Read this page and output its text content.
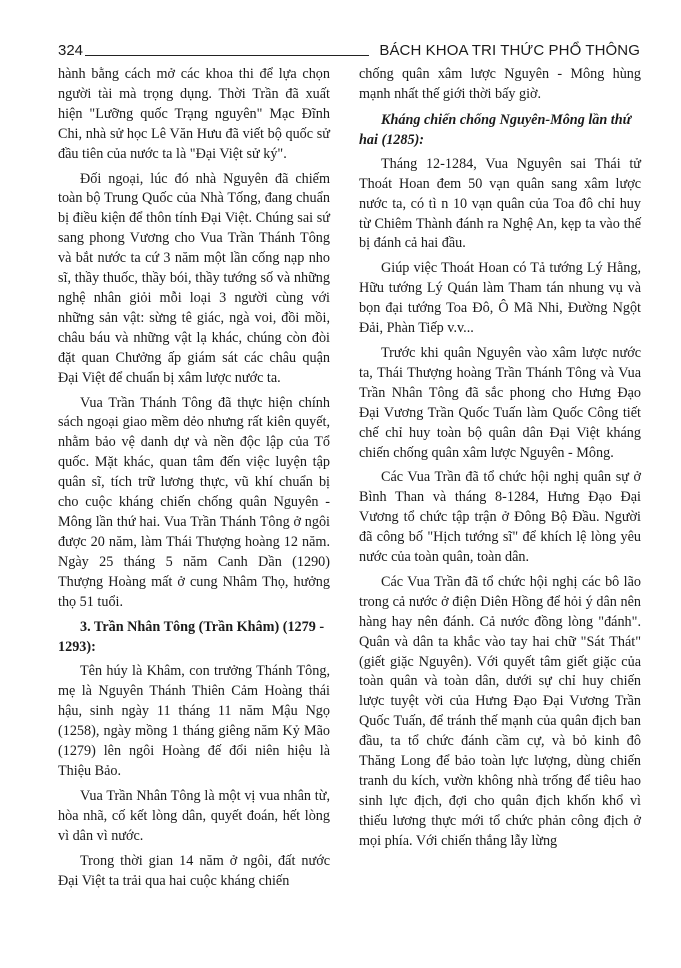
324	BÁCH KHOA TRI THỨC PHỔ THÔNG

hành bằng cách mở các khoa thi để lựa chọn người tài mà trọng dụng. Thời Trần đã xuất hiện "Lưỡng quốc Trạng nguyên" Mạc Đĩnh Chi, nhà sử học Lê Văn Hưu đã viết bộ quốc sử đầu tiên của nước ta là "Đại Việt sử ký".

Đối ngoại, lúc đó nhà Nguyên đã chiếm toàn bộ Trung Quốc của Nhà Tống, đang chuẩn bị điều kiện để thôn tính Đại Việt. Chúng sai sứ sang phong Vương cho Vua Trần Thánh Tông và bắt nước ta cứ 3 năm một lần cống nạp nho sĩ, thầy thuốc, thầy bói, thầy tướng số và những nghệ nhân giỏi mỗi loại 3 người cùng với những sản vật: sừng tê giác, ngà voi, đồi mồi, châu báu và những vật lạ khác, chúng còn đòi đặt quan Chưởng ấp giám sát các châu quận Đại Việt để chuẩn bị xâm lược nước ta.

Vua Trần Thánh Tông đã thực hiện chính sách ngoại giao mềm dẻo nhưng rất kiên quyết, nhằm bảo vệ danh dự và nền độc lập của Tổ quốc. Mặt khác, quan tâm đến việc luyện tập quân sĩ, tích trữ lương thực, vũ khí chuẩn bị cho cuộc kháng chiến chống quân Nguyên - Mông lần thứ hai. Vua Trần Thánh Tông ở ngôi được 20 năm, làm Thái Thượng hoàng 12 năm. Ngày 25 tháng 5 năm Canh Dần (1290) Thượng Hoàng mất ở cung Nhâm Thọ, hưởng thọ 51 tuổi.

3. Trần Nhân Tông (Trần Khâm) (1279 - 1293):

Tên húy là Khâm, con trưởng Thánh Tông, mẹ là Nguyên Thánh Thiên Cảm Hoàng thái hậu, sinh ngày 11 tháng 11 năm Mậu Ngọ (1258), ngày mồng 1 tháng giêng năm Kỷ Mão (1279) lên ngôi Hoàng đế đổi niên hiệu là Thiệu Bảo.

Vua Trần Nhân Tông là một vị vua nhân từ, hòa nhã, cố kết lòng dân, quyết đoán, hết lòng vì dân vì nước.

Trong thời gian 14 năm ở ngôi, đất nước Đại Việt ta trải qua hai cuộc kháng chiến

chống quân xâm lược Nguyên - Mông hùng mạnh nhất thế giới thời bấy giờ.

Kháng chiến chống Nguyên-Mông lần thứ hai (1285):

Tháng 12-1284, Vua Nguyên sai Thái tử Thoát Hoan đem 50 vạn quân sang xâm lược nước ta, có tì n 10 vạn quân của Toa đô chỉ huy từ Chiêm Thành đánh ra Nghệ An, kẹp ta vào thế bị đánh cả hai đầu.

Giúp việc Thoát Hoan có Tả tướng Lý Hằng, Hữu tướng Lý Quán làm Tham tán nhung vụ và bọn đại tướng Toa Đô, Ô Mã Nhi, Đường Ngột Đải, Phàn Tiếp v.v...

Trước khi quân Nguyên vào xâm lược nước ta, Thái Thượng hoàng Trần Thánh Tông và Vua Trần Nhân Tông đã sắc phong cho Hưng Đạo Đại Vương Trần Quốc Tuấn làm Quốc Công tiết chế chỉ huy toàn bộ quân dân Đại Việt kháng chiến chống quân xâm lược Nguyên - Mông.

Các Vua Trần đã tổ chức hội nghị quân sự ở Bình Than và tháng 8-1284, Hưng Đạo Đại Vương tổ chức tập trận ở Đông Bộ Đầu. Người đã công bố "Hịch tướng sĩ" để khích lệ lòng yêu nước của toàn quân, toàn dân.

Các Vua Trần đã tổ chức hội nghị các bô lão trong cả nước ở điện Diên Hồng để hỏi ý dân nên hàng hay nên đánh. Cả nước đồng lòng "đánh". Quân và dân ta khắc vào tay hai chữ "Sát Thát" (giết giặc Nguyên). Với quyết tâm giết giặc của toàn quân và toàn dân, dưới sự chỉ huy chiến lược tuyệt vời của Hưng Đạo Đại Vương Trần Quốc Tuấn, để tránh thế mạnh của quân địch ban đầu, ta tổ chức đánh cầm cự, và bỏ kinh đô Thăng Long để bảo toàn lực lượng, dùng chiến tranh du kích, vườn không nhà trống để tiêu hao sinh lực địch, đợi cho quân địch khốn khổ vì thiếu lương thực mới tổ chức phản công địch ở mọi phía. Với chiến thắng lẫy lừng
